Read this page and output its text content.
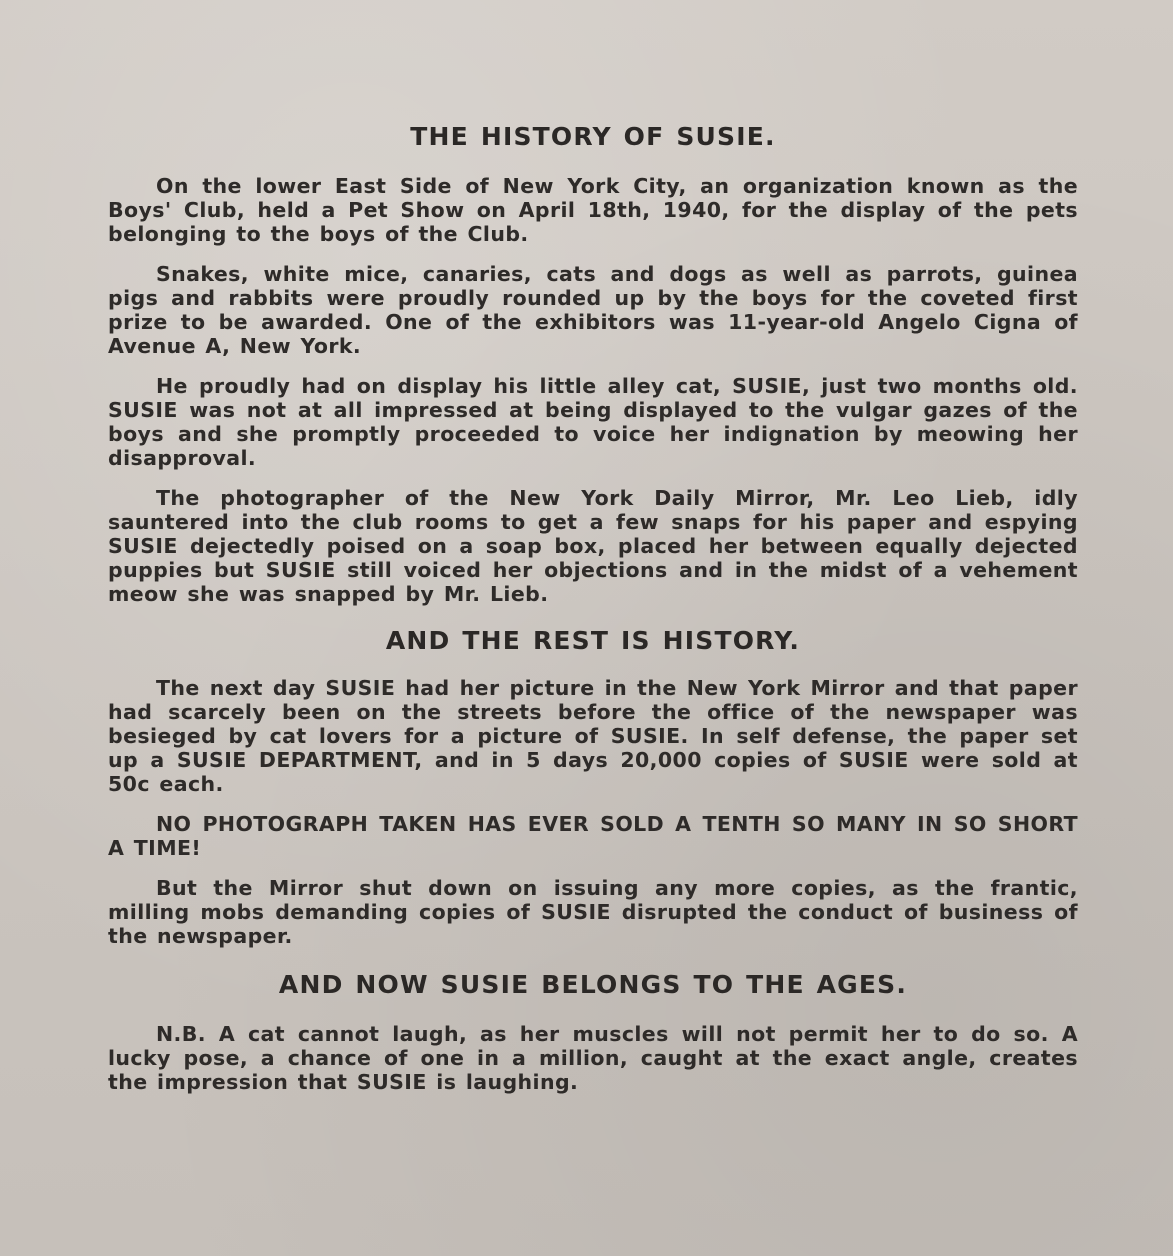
THE HISTORY OF SUSIE.

On the lower East Side of New York City, an organization known as the Boys' Club, held a Pet Show on April 18th, 1940, for the display of the pets belonging to the boys of the Club.

Snakes, white mice, canaries, cats and dogs as well as parrots, guinea pigs and rabbits were proudly rounded up by the boys for the coveted first prize to be awarded. One of the exhibitors was 11-year-old Angelo Cigna of Avenue A, New York.

He proudly had on display his little alley cat, SUSIE, just two months old. SUSIE was not at all impressed at being displayed to the vulgar gazes of the boys and she promptly proceeded to voice her indignation by meowing her disapproval.

The photographer of the New York Daily Mirror, Mr. Leo Lieb, idly sauntered into the club rooms to get a few snaps for his paper and espying SUSIE dejectedly poised on a soap box, placed her between equally dejected puppies but SUSIE still voiced her objections and in the midst of a vehement meow she was snapped by Mr. Lieb.

AND THE REST IS HISTORY.

The next day SUSIE had her picture in the New York Mirror and that paper had scarcely been on the streets before the office of the newspaper was besieged by cat lovers for a picture of SUSIE. In self defense, the paper set up a SUSIE DEPARTMENT, and in 5 days 20,000 copies of SUSIE were sold at 50c each.

NO PHOTOGRAPH TAKEN HAS EVER SOLD A TENTH SO MANY IN SO SHORT A TIME!

But the Mirror shut down on issuing any more copies, as the frantic, milling mobs demanding copies of SUSIE disrupted the conduct of business of the newspaper.

AND NOW SUSIE BELONGS TO THE AGES.

N.B. A cat cannot laugh, as her muscles will not permit her to do so. A lucky pose, a chance of one in a million, caught at the exact angle, creates the impression that SUSIE is laughing.
